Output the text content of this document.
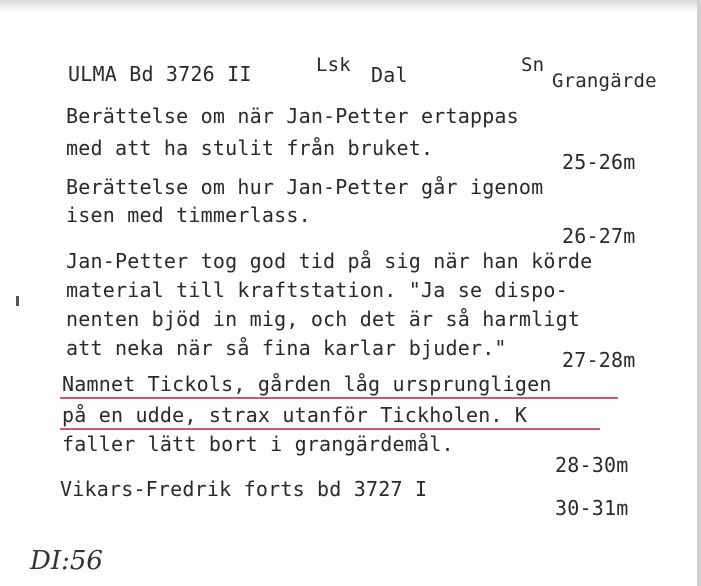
ULMA Bd 3726 II	Lsk Dal	Sn
Grangärde
Berättelse om när Jan-Petter ertappas
med att ha stulit från bruket.
25-26m
Berättelse om hur Jan-Petter går igenom
isen med timmerlass.
26-27m
Jan-Petter tog god tid på sig när han körde
material till kraftstation. "Ja se dispo-
nenten bjöd in mig, och det är så harmligt
att neka när så fina karlar bjuder."	27-28m
Namnet Tickols, gården låg ursprungligen
på en udde, strax utanför Tickholen. K
faller lätt bort i grangärdemål.
28-30m
Vikars-Fredrik forts bd 3727 I
30-31m
DI:56
